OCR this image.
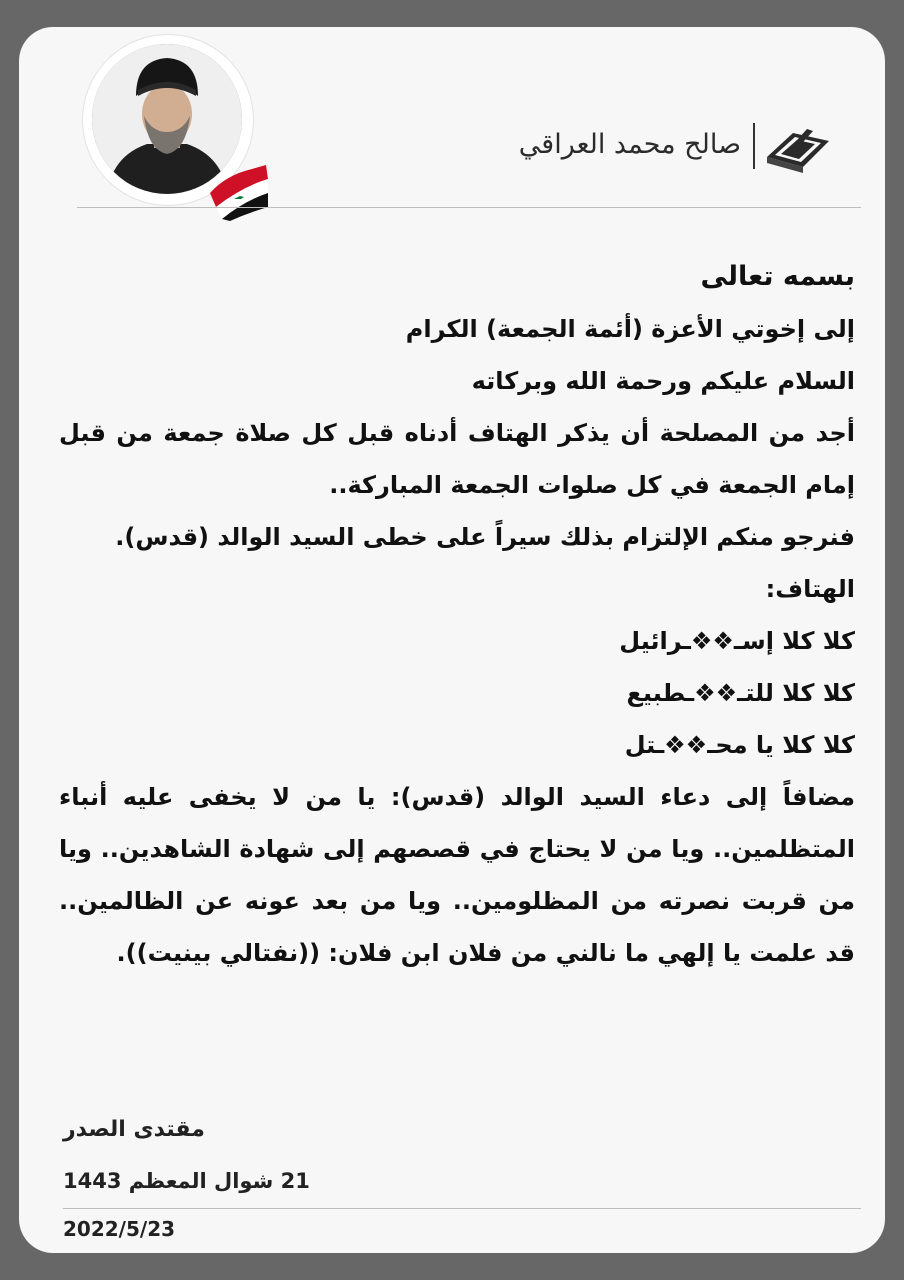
صالح محمد العراقي

بسمه تعالى

إلى إخوتي الأعزة (أئمة الجمعة) الكرام

السلام عليكم ورحمة الله وبركاته

أجد من المصلحة أن يذكر الهتاف أدناه قبل كل صلاة جمعة من قبل إمام الجمعة في كل صلوات الجمعة المباركة..

فنرجو منكم الإلتزام بذلك سيراً على خطى السيد الوالد (قدس).

الهتاف:

كلا كلا إسـ❖❖ـرائيل

كلا كلا للتـ❖❖ـطبيع

كلا كلا يا محـ❖❖ـتل

مضافاً إلى دعاء السيد الوالد (قدس): يا من لا يخفى عليه أنباء المتظلمين.. ويا من لا يحتاج في قصصهم إلى شهادة الشاهدين.. ويا من قربت نصرته من المظلومين.. ويا من بعد عونه عن الظالمين.. قد علمت يا إلهي ما نالني من فلان ابن فلان: ((نفتالي بينيت)).

مقتدى الصدر
21 شوال المعظم 1443
2022/5/23
